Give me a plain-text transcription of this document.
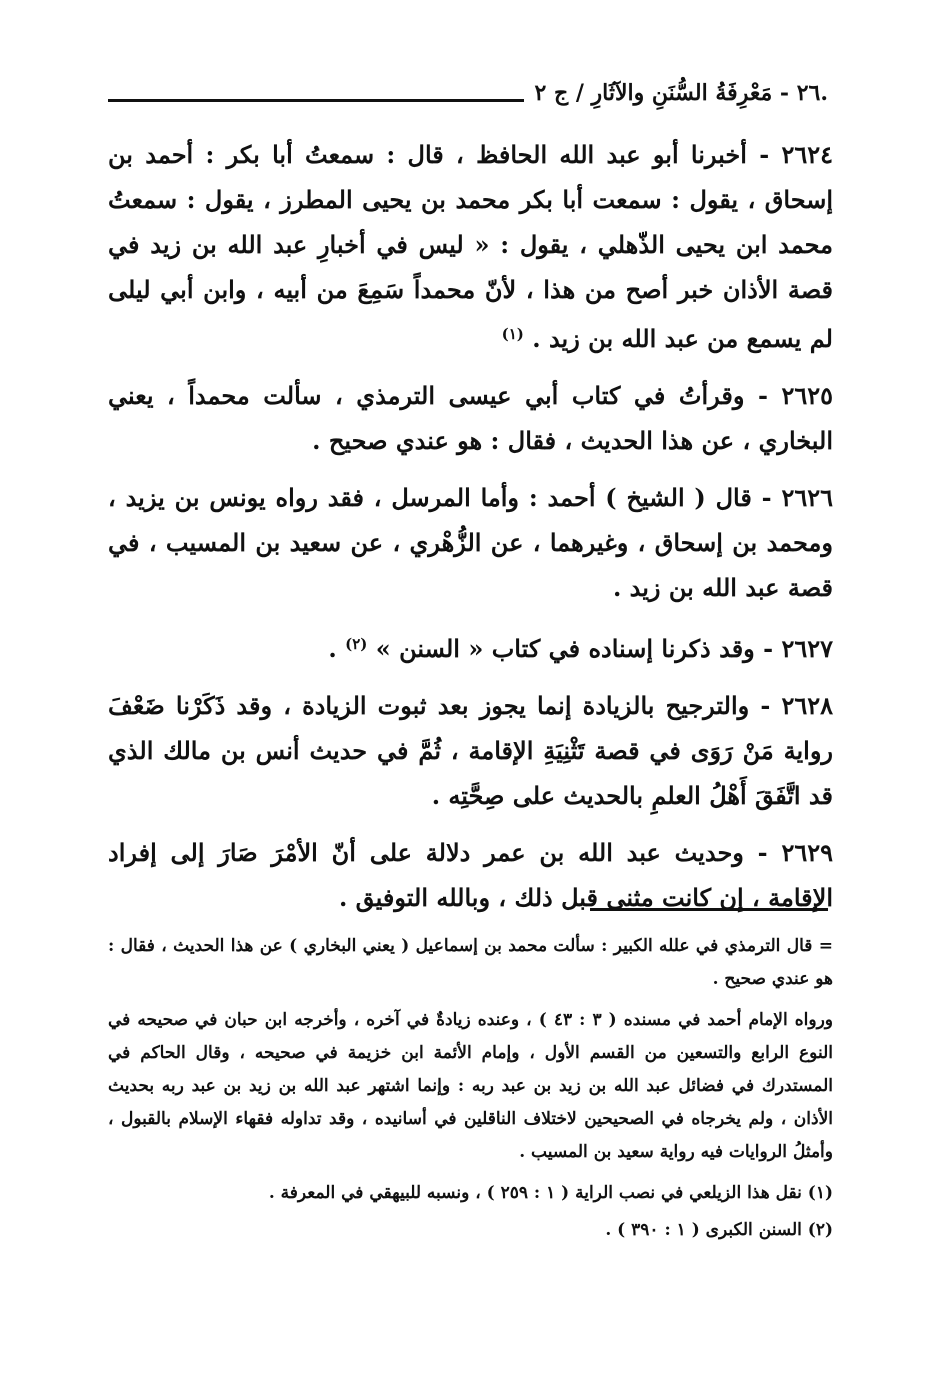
.٢٦ - مَعْرِفَةُ السُّنَنِ والآثَارِ / ج ٢

٢٦٢٤ - أخبرنا أبو عبد الله الحافظ ، قال : سمعتُ أبا بكر : أحمد بن إسحاق ، يقول : سمعت أبا بكر محمد بن يحيى المطرز ، يقول : سمعتُ محمد ابن يحيى الذّهلي ، يقول : « ليس في أخبارِ عبد الله بن زيد في قصة الأذان خبر أصح من هذا ، لأنّ محمداً سَمِعَ من أبيه ، وابن أبي ليلى لم يسمع من عبد الله بن زيد . $^{(١)}$

٢٦٢٥ - وقرأتُ في كتاب أبي عيسى الترمذي ، سألت محمداً ، يعني البخاري ، عن هذا الحديث ، فقال : هو عندي صحيح .

٢٦٢٦ - قال ( الشيخ ) أحمد : وأما المرسل ، فقد رواه يونس بن يزيد ، ومحمد بن إسحاق ، وغيرهما ، عن الزُّهْري ، عن سعيد بن المسيب ، في قصة عبد الله بن زيد .

٢٦٢٧ - وقد ذكرنا إسناده في كتاب « السنن » $^{(٢)}$ .

٢٦٢٨ - والترجيح بالزيادة إنما يجوز بعد ثبوت الزيادة ، وقد ذَكَرْنا ضَعْفَ رواية مَنْ رَوَى في قصة تَثْنِيَةِ الإقامة ، ثُمَّ في حديث أنس بن مالك الذي قد اتَّفَقَ أَهْلُ العلمِ بالحديث على صِحَّتِه .

٢٦٢٩ - وحديث عبد الله بن عمر دلالة على أنّ الأمْرَ صَارَ إلى إفراد الإقامة ، إن كانت مثنى قبل ذلك ، وبالله التوفيق .

= قال الترمذي في علله الكبير : سألت محمد بن إسماعيل ( يعني البخاري ) عن هذا الحديث ، فقال : هو عندي صحيح .

ورواه الإمام أحمد في مسنده ( ٣ : ٤٣ ) ، وعنده زيادةٌ في آخره ، وأخرجه ابن حبان في صحيحه في النوع الرابع والتسعين من القسم الأول ، وإمام الأئمة ابن خزيمة في صحيحه ، وقال الحاكم في المستدرك في فضائل عبد الله بن زيد بن عبد ربه : وإنما اشتهر عبد الله بن زيد بن عبد ربه بحديث الأذان ، ولم يخرجاه في الصحيحين لاختلاف الناقلين في أسانيده ، وقد تداوله فقهاء الإسلام بالقبول ، وأمثلُ الروايات فيه رواية سعيد بن المسيب .

(١) نقل هذا الزيلعي في نصب الراية ( ١ : ٢٥٩ ) ، ونسبه للبيهقي في المعرفة .

(٢) السنن الكبرى ( ١ : ٣٩٠ ) .
